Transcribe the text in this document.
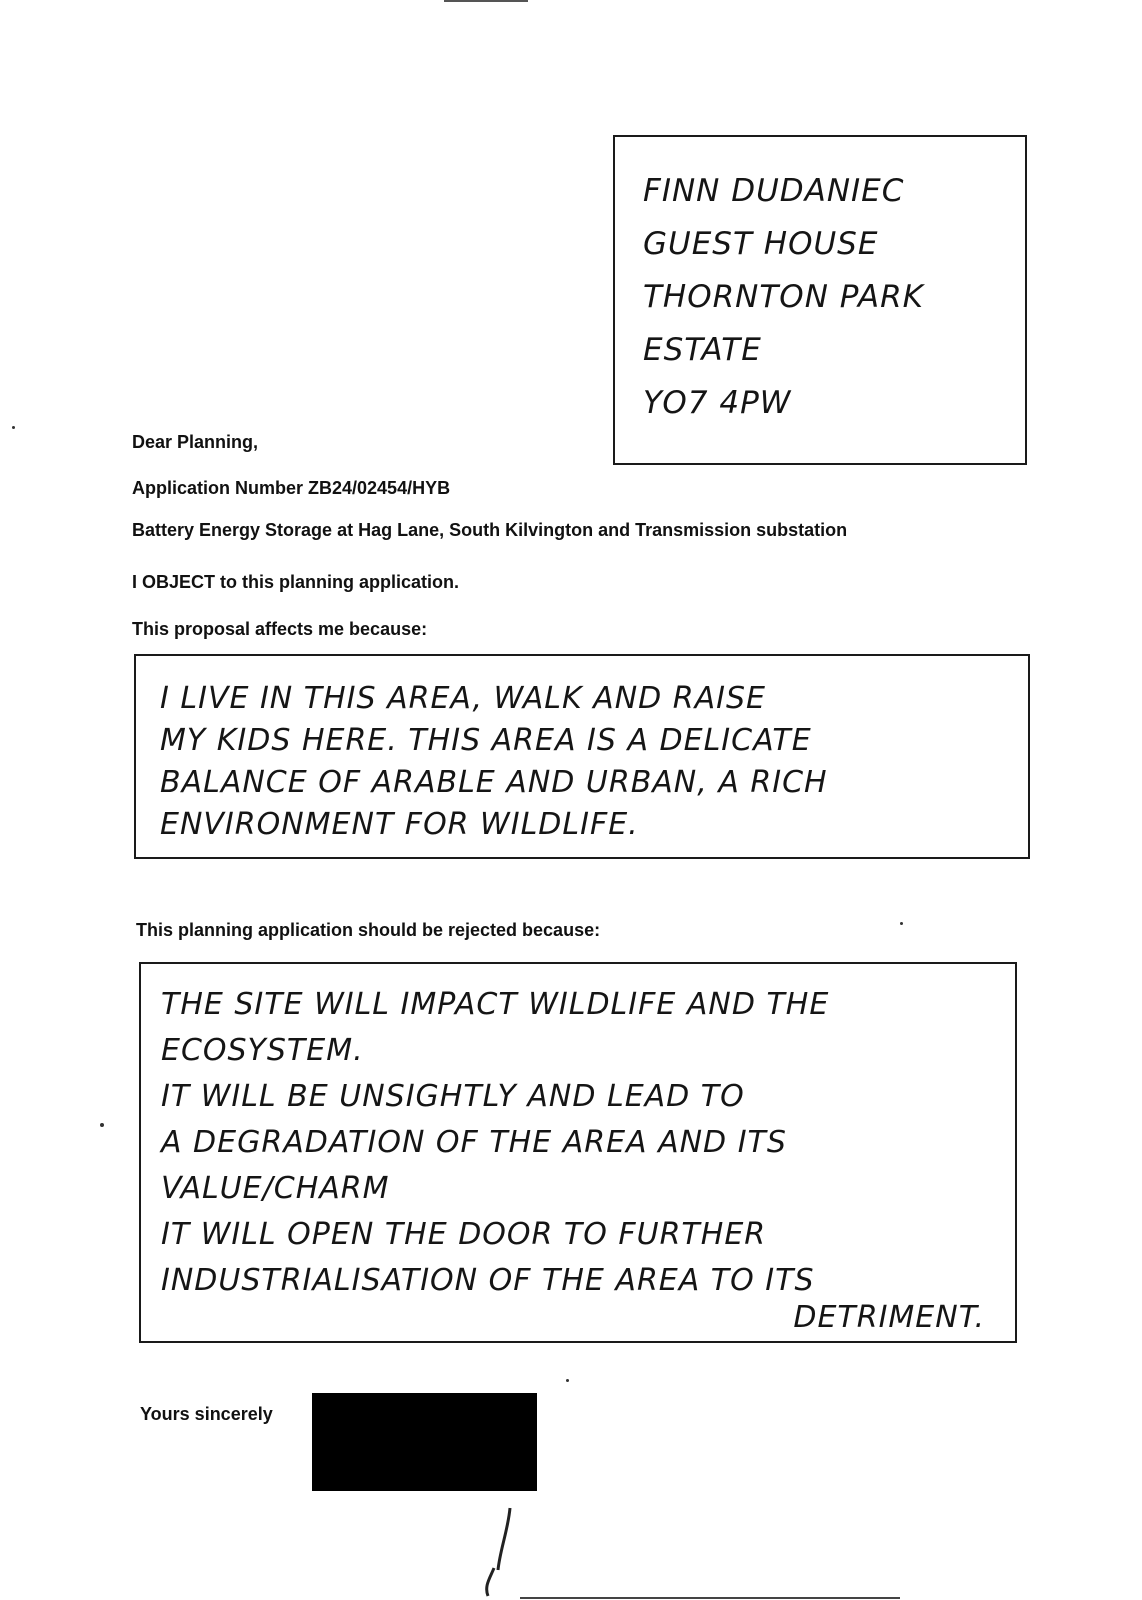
FINN DUDANIEC
GUEST HOUSE
THORNTON PARK
ESTATE
YO7 4PW
Dear Planning,
Application Number ZB24/02454/HYB
Battery Energy Storage at Hag Lane, South Kilvington and Transmission substation
I OBJECT to this planning application.
This proposal affects me because:
I LIVE IN THIS AREA, WALK AND RAISE
MY KIDS HERE. THIS AREA IS A DELICATE
BALANCE OF ARABLE AND URBAN, A RICH
ENVIRONMENT FOR WILDLIFE.
This planning application should be rejected because:
THE SITE WILL IMPACT WILDLIFE AND THE
ECOSYSTEM.
IT WILL BE UNSIGHTLY AND LEAD TO
A DEGRADATION OF THE AREA AND ITS
VALUE/CHARM
IT WILL OPEN THE DOOR TO FURTHER
INDUSTRIALISATION OF THE AREA TO ITS
DETRIMENT.
Yours sincerely
